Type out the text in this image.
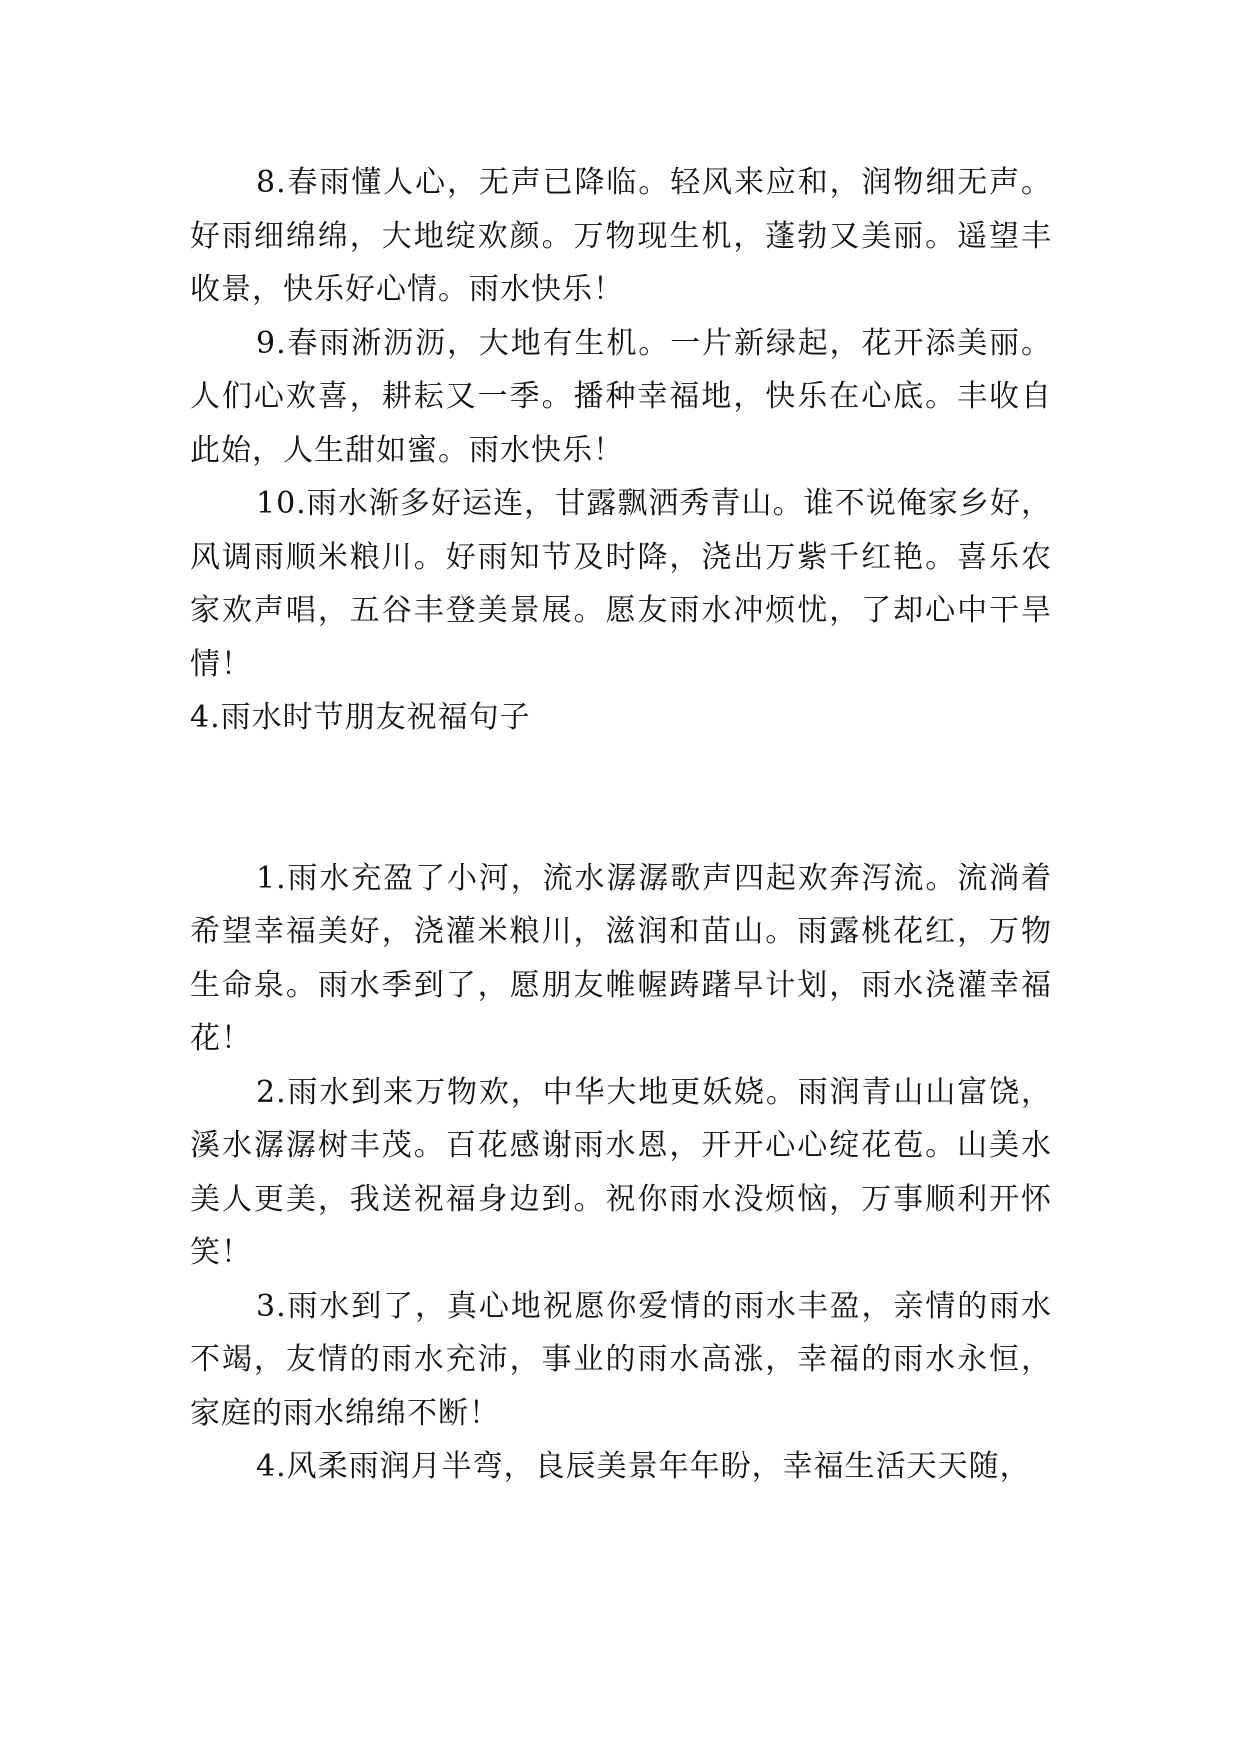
8.春雨懂人心，无声已降临。轻风来应和，润物细无声。好雨细绵绵，大地绽欢颜。万物现生机，蓬勃又美丽。遥望丰收景，快乐好心情。雨水快乐！

9.春雨淅沥沥，大地有生机。一片新绿起，花开添美丽。人们心欢喜，耕耘又一季。播种幸福地，快乐在心底。丰收自此始，人生甜如蜜。雨水快乐！

10.雨水渐多好运连，甘露飘洒秀青山。谁不说俺家乡好，风调雨顺米粮川。好雨知节及时降，浇出万紫千红艳。喜乐农家欢声唱，五谷丰登美景展。愿友雨水冲烦忧，了却心中干旱情！

4.雨水时节朋友祝福句子

1.雨水充盈了小河，流水潺潺歌声四起欢奔泻流。流淌着希望幸福美好，浇灌米粮川，滋润和苗山。雨露桃花红，万物生命泉。雨水季到了，愿朋友帷幄踌躇早计划，雨水浇灌幸福花！

2.雨水到来万物欢，中华大地更妖娆。雨润青山山富饶，溪水潺潺树丰茂。百花感谢雨水恩，开开心心绽花苞。山美水美人更美，我送祝福身边到。祝你雨水没烦恼，万事顺利开怀笑！

3.雨水到了，真心地祝愿你爱情的雨水丰盈，亲情的雨水不竭，友情的雨水充沛，事业的雨水高涨，幸福的雨水永恒，家庭的雨水绵绵不断！

4.风柔雨润月半弯，良辰美景年年盼，幸福生活天天随，
